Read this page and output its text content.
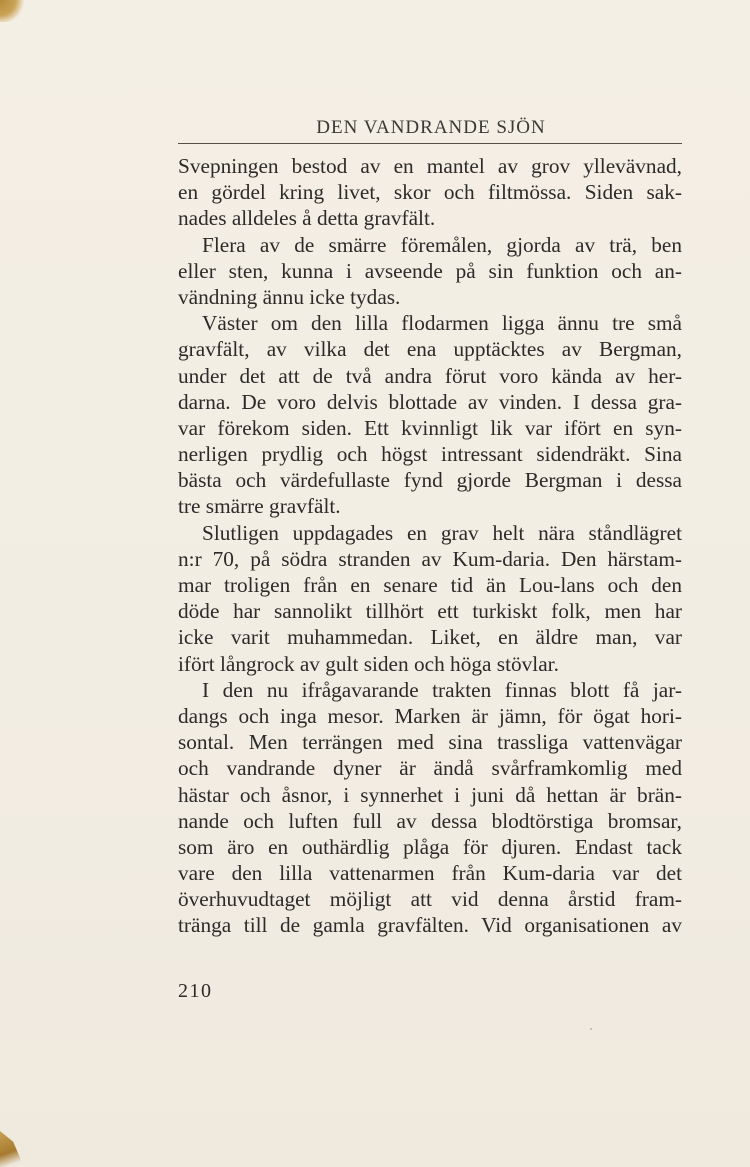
DEN VANDRANDE SJÖN
Svepningen bestod av en mantel av grov yllevävnad,
en gördel kring livet, skor och filtmössa. Siden sak-
nades alldeles å detta gravfält.
Flera av de smärre föremålen, gjorda av trä, ben
eller sten, kunna i avseende på sin funktion och an-
vändning ännu icke tydas.
Väster om den lilla flodarmen ligga ännu tre små
gravfält, av vilka det ena upptäcktes av Bergman,
under det att de två andra förut voro kända av her-
darna. De voro delvis blottade av vinden. I dessa gra-
var förekom siden. Ett kvinnligt lik var ifört en syn-
nerligen prydlig och högst intressant sidendräkt. Sina
bästa och värdefullaste fynd gjorde Bergman i dessa
tre smärre gravfält.
Slutligen uppdagades en grav helt nära ståndlägret
n:r 70, på södra stranden av Kum-daria. Den härstam-
mar troligen från en senare tid än Lou-lans och den
döde har sannolikt tillhört ett turkiskt folk, men har
icke varit muhammedan. Liket, en äldre man, var
ifört långrock av gult siden och höga stövlar.
I den nu ifrågavarande trakten finnas blott få jar-
dangs och inga mesor. Marken är jämn, för ögat hori-
sontal. Men terrängen med sina trassliga vattenvägar
och vandrande dyner är ändå svårframkomlig med
hästar och åsnor, i synnerhet i juni då hettan är brän-
nande och luften full av dessa blodtörstiga bromsar,
som äro en outhärdlig plåga för djuren. Endast tack
vare den lilla vattenarmen från Kum-daria var det
överhuvudtaget möjligt att vid denna årstid fram-
tränga till de gamla gravfälten. Vid organisationen av
210
